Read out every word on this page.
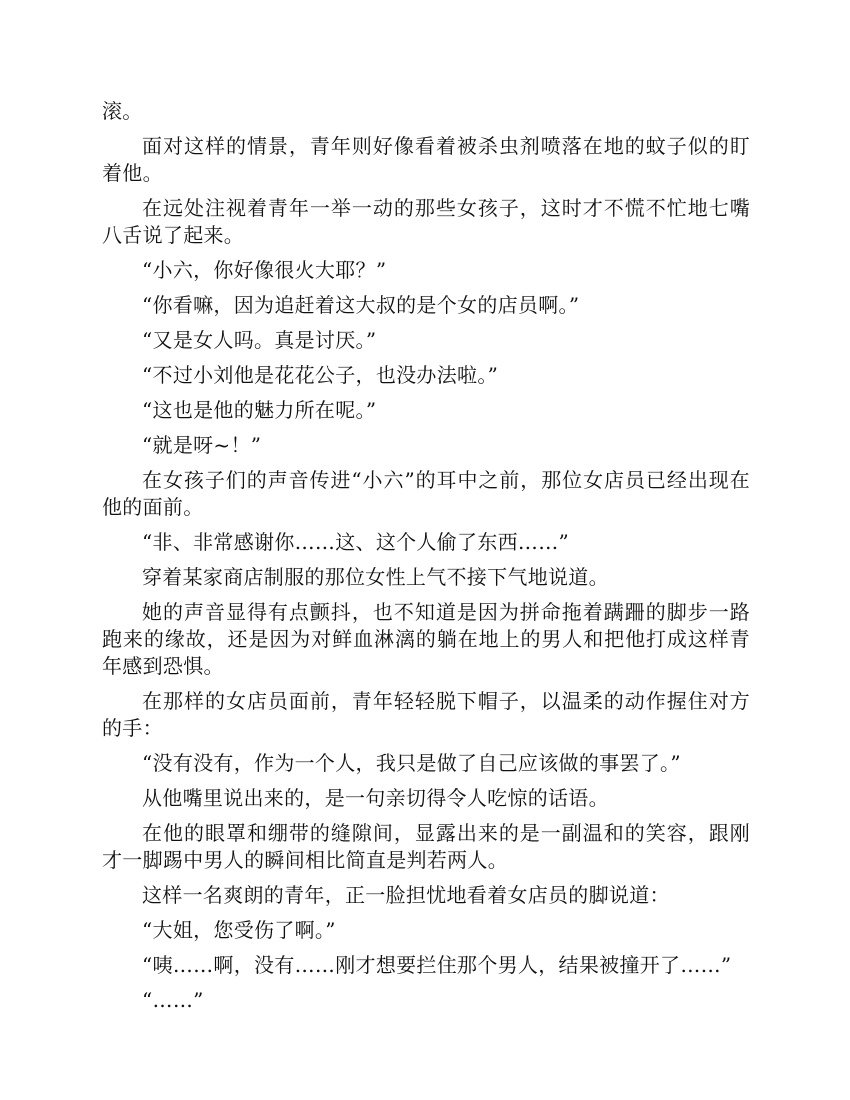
滚。

面对这样的情景，青年则好像看着被杀虫剂喷落在地的蚊子似的盯着他。

在远处注视着青年一举一动的那些女孩子，这时才不慌不忙地七嘴八舌说了起来。

“小六，你好像很火大耶？”

“你看嘛，因为追赶着这大叔的是个女的店员啊。”

“又是女人吗。真是讨厌。”

“不过小刘他是花花公子，也没办法啦。”

“这也是他的魅力所在呢。”

“就是呀~！”

在女孩子们的声音传进“小六”的耳中之前，那位女店员已经出现在他的面前。

“非、非常感谢你……这、这个人偷了东西……”

穿着某家商店制服的那位女性上气不接下气地说道。

她的声音显得有点颤抖，也不知道是因为拼命拖着蹒跚的脚步一路跑来的缘故，还是因为对鲜血淋漓的躺在地上的男人和把他打成这样青年感到恐惧。

在那样的女店员面前，青年轻轻脱下帽子，以温柔的动作握住对方的手：

“没有没有，作为一个人，我只是做了自己应该做的事罢了。”

从他嘴里说出来的，是一句亲切得令人吃惊的话语。

在他的眼罩和绷带的缝隙间，显露出来的是一副温和的笑容，跟刚才一脚踢中男人的瞬间相比简直是判若两人。

这样一名爽朗的青年，正一脸担忧地看着女店员的脚说道：

“大姐，您受伤了啊。”

“咦……啊，没有……刚才想要拦住那个男人，结果被撞开了……”

“……”
